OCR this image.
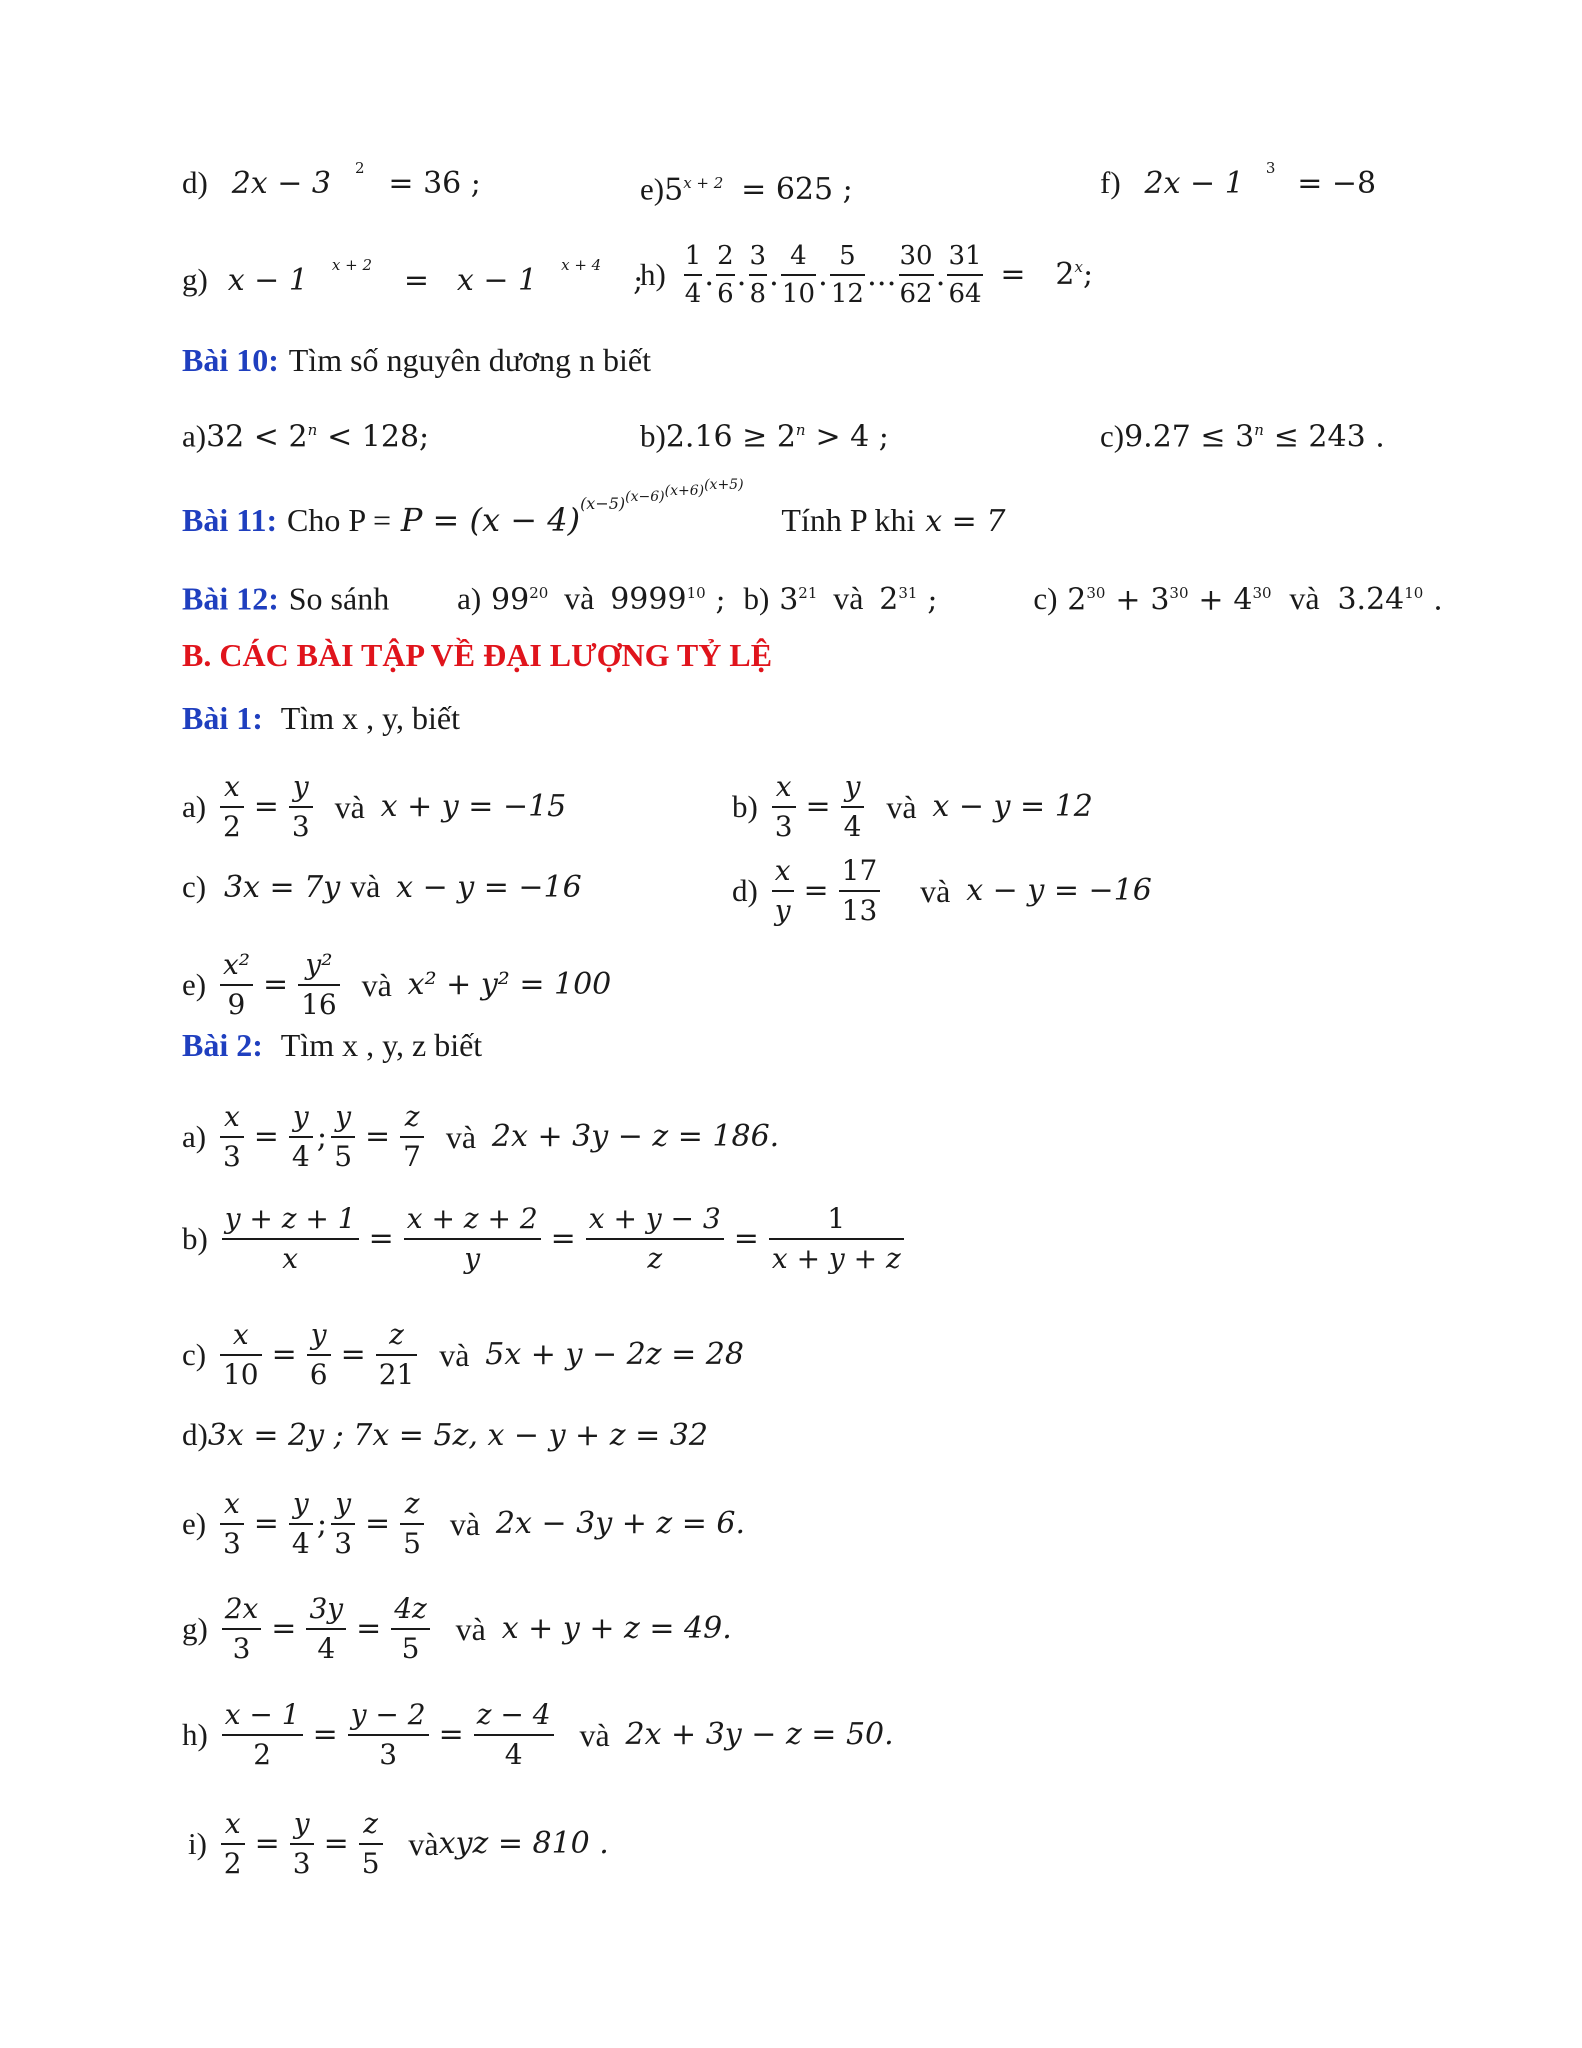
d) 2x − 3 $^2$ = 36 ;	$e)5^{x + 2} = 625$ ;	f) 2x − 1 $^3$ = −8
g) x − 1 $^{x + 2}$ = x − 1 $^{x + 4}$ ;
$h) \frac{1}{4}$ . $\frac{2}{6}$ . $\frac{3}{8}$ . $\frac{4}{10}$ . $\frac{5}{12}$ ... $\frac{30}{62}$ . $\frac{31}{64} = 2^x$;
Bài 10: Tìm số nguyên dương n biết
$a)32 < 2^n < 128$;	$b)2.16 \ge 2^n > 4$ ;	$c)9.27 \le 3^n \le 243$ .
Bài 11: Cho $P = P = (x - 4)^{(x-5)(x-6)(x+6)(x+5)}$ Tính P khi x = 7
Bài 12: So sánh a) $99^{20}$ và 9999$^{10}$ ; b) $3^{21}$ và $2^{31}$ ;	c) $2^{30} + 3^{30} + 4^{30}$ và 3.24$^{10}$ .
B. CÁC BÀI TẬP VỀ ĐẠI LƯỢNG TỶ LỆ
Bài 1: Tìm x , y, biết
$a) \frac{x}{2} = \frac{y}{3}$ và x + y = −15	$b) \frac{x}{3} = \frac{y}{4}$ và x − y = 12
c) 3x = 7y và x − y = −16	$d) \frac{x}{y} = \frac{17}{13}$ và x − y = −16
$e) \frac{\text{x²}}{9} = \frac{\text{y²}}{16}$ và x² + y² = 100
Bài 2: Tìm x , y, z biết
$a) \frac{x}{3} = \frac{y}{4}$ ; $\frac{y}{5} = \frac{z}{7}$ và 2x + 3y − z = 186.
$b) \frac{y + z + 1}{x} = \frac{x + z + 2}{y} = \frac{x + y - 3}{z} = \frac{1}{x + y + z}$
$c) \frac{x}{10} = \frac{y}{6} = \frac{z}{21}$ và 5x + y − 2z = 28
d)3x = 2y ; 7x = 5z, x − y + z = 32
$e) \frac{x}{3} = \frac{y}{4}$ ; $\frac{y}{3} = \frac{z}{5}$ và 2x − 3y + z = 6.
$g) \frac{2x}{3} = \frac{3y}{4} = \frac{4z}{5}$ và x + y + z = 49.
$h) \frac{x - 1}{2} = \frac{y - 2}{3} = \frac{z - 4}{4}$ và 2x + 3y − z = 50.
$i) \frac{x}{2} = \frac{y}{3} = \frac{z}{5}$ vàxyz = 810 .
